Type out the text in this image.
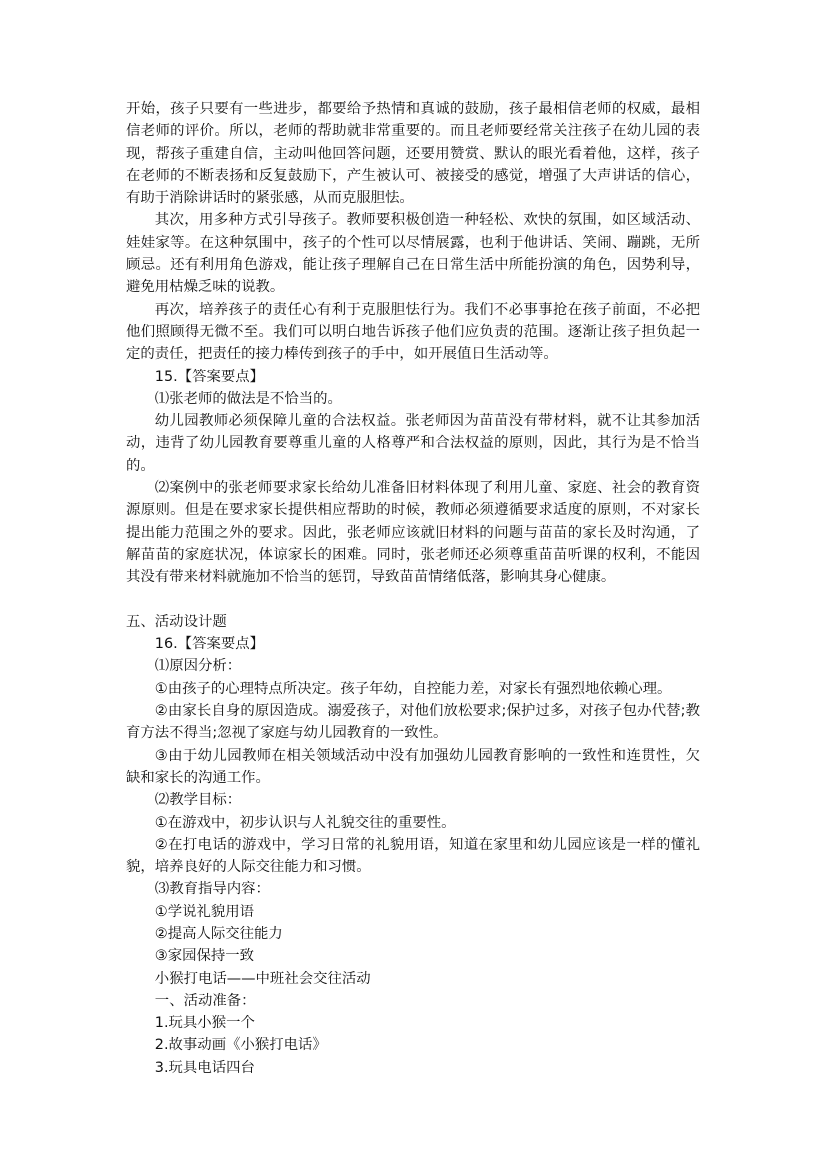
开始，孩子只要有一些进步，都要给予热情和真诚的鼓励，孩子最相信老师的权威，最相信老师的评价。所以，老师的帮助就非常重要的。而且老师要经常关注孩子在幼儿园的表现，帮孩子重建自信，主动叫他回答问题，还要用赞赏、默认的眼光看着他，这样，孩子在老师的不断表扬和反复鼓励下，产生被认可、被接受的感觉，增强了大声讲话的信心，有助于消除讲话时的紧张感，从而克服胆怯。

其次，用多种方式引导孩子。教师要积极创造一种轻松、欢快的氛围，如区域活动、娃娃家等。在这种氛围中，孩子的个性可以尽情展露，也利于他讲话、笑闹、蹦跳，无所顾忌。还有利用角色游戏，能让孩子理解自己在日常生活中所能扮演的角色，因势利导，避免用枯燥乏味的说教。

再次，培养孩子的责任心有利于克服胆怯行为。我们不必事事抢在孩子前面，不必把他们照顾得无微不至。我们可以明白地告诉孩子他们应负责的范围。逐渐让孩子担负起一定的责任，把责任的接力棒传到孩子的手中，如开展值日生活动等。

15.【答案要点】

⑴张老师的做法是不恰当的。

幼儿园教师必须保障儿童的合法权益。张老师因为苗苗没有带材料，就不让其参加活动，违背了幼儿园教育要尊重儿童的人格尊严和合法权益的原则，因此，其行为是不恰当的。

⑵案例中的张老师要求家长给幼儿准备旧材料体现了利用儿童、家庭、社会的教育资源原则。但是在要求家长提供相应帮助的时候，教师必须遵循要求适度的原则，不对家长提出能力范围之外的要求。因此，张老师应该就旧材料的问题与苗苗的家长及时沟通，了解苗苗的家庭状况，体谅家长的困难。同时，张老师还必须尊重苗苗听课的权利，不能因其没有带来材料就施加不恰当的惩罚，导致苗苗情绪低落，影响其身心健康。

五、活动设计题

16.【答案要点】

⑴原因分析：

①由孩子的心理特点所决定。孩子年幼，自控能力差，对家长有强烈地依赖心理。

②由家长自身的原因造成。溺爱孩子，对他们放松要求;保护过多，对孩子包办代替;教育方法不得当;忽视了家庭与幼儿园教育的一致性。

③由于幼儿园教师在相关领域活动中没有加强幼儿园教育影响的一致性和连贯性，欠缺和家长的沟通工作。

⑵教学目标：

①在游戏中，初步认识与人礼貌交往的重要性。

②在打电话的游戏中，学习日常的礼貌用语，知道在家里和幼儿园应该是一样的懂礼貌，培养良好的人际交往能力和习惯。

⑶教育指导内容：

①学说礼貌用语

②提高人际交往能力

③家园保持一致

小猴打电话——中班社会交往活动

一、活动准备：

1.玩具小猴一个

2.故事动画《小猴打电话》

3.玩具电话四台
